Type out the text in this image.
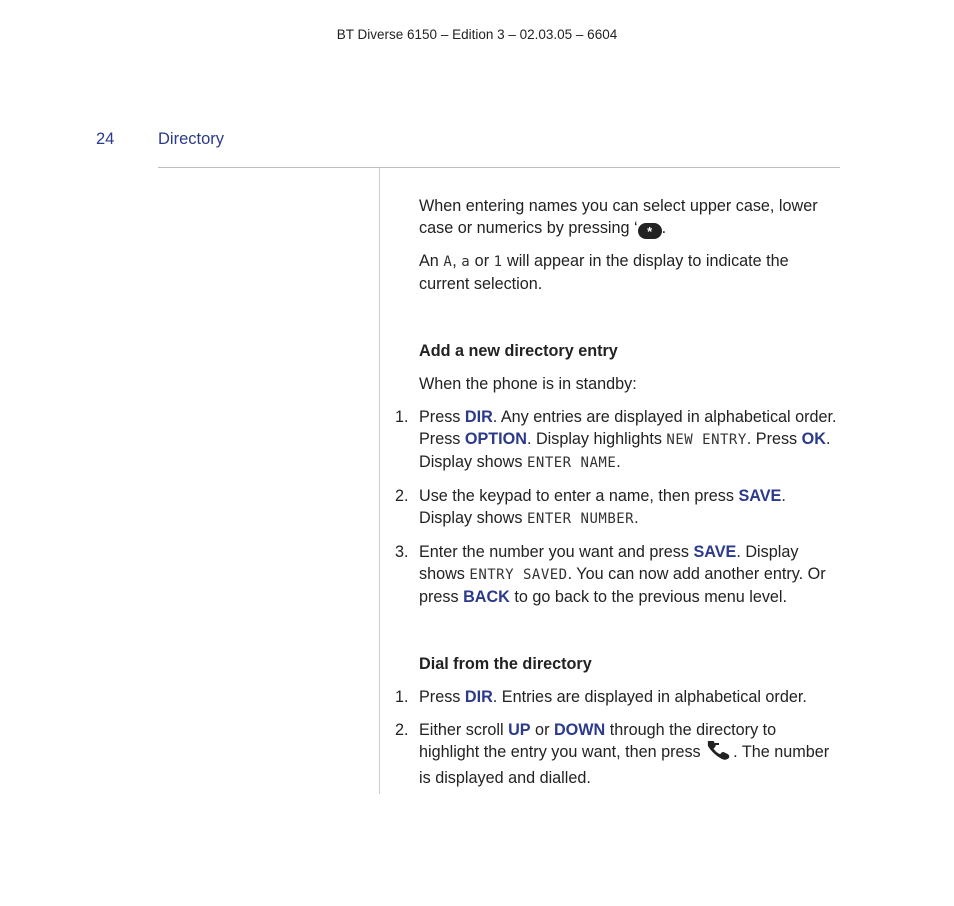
BT Diverse 6150 – Edition 3 – 02.03.05 – 6604
24	Directory

When entering names you can select upper case, lower case or numerics by pressing ‘ * .

An A, a or 1 will appear in the display to indicate the current selection.

Add a new directory entry

When the phone is in standby:

1. Press DIR. Any entries are displayed in alphabetical order. Press OPTION. Display highlights NEW ENTRY. Press OK. Display shows ENTER NAME.
2. Use the keypad to enter a name, then press SAVE. Display shows ENTER NUMBER.
3. Enter the number you want and press SAVE. Display shows ENTRY SAVED. You can now add another entry. Or press BACK to go back to the previous menu level.

Dial from the directory

1. Press DIR. Entries are displayed in alphabetical order.
2. Either scroll UP or DOWN through the directory to highlight the entry you want, then press . The number is displayed and dialled.
